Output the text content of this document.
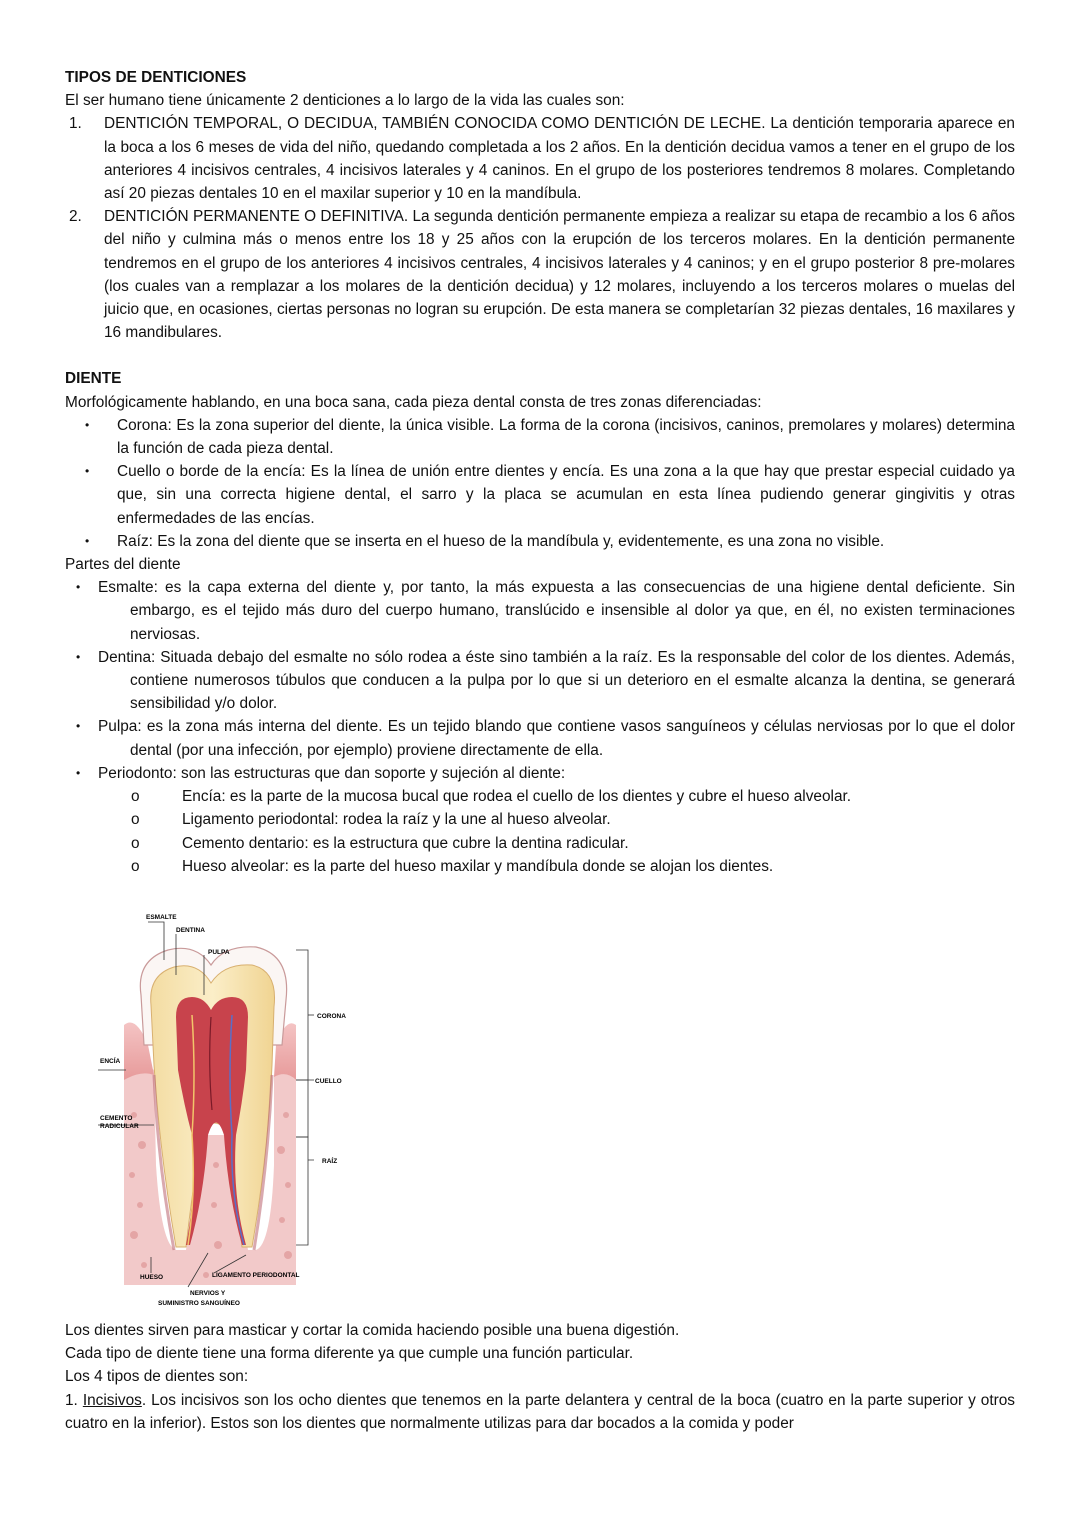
TIPOS DE DENTICIONES
El ser humano tiene únicamente 2 denticiones a lo largo de la vida las cuales son:
1. DENTICIÓN TEMPORAL, O DECIDUA, TAMBIÉN CONOCIDA COMO DENTICIÓN DE LECHE. La dentición temporaria aparece en la boca a los 6 meses de vida del niño, quedando completada a los 2 años. En la dentición decidua vamos a tener en el grupo de los anteriores 4 incisivos centrales, 4 incisivos laterales y 4 caninos. En el grupo de los posteriores tendremos 8 molares. Completando así 20 piezas dentales 10 en el maxilar superior y 10 en la mandíbula.
2. DENTICIÓN PERMANENTE O DEFINITIVA. La segunda dentición permanente empieza a realizar su etapa de recambio a los 6 años del niño y culmina más o menos entre los 18 y 25 años con la erupción de los terceros molares. En la dentición permanente tendremos en el grupo de los anteriores 4 incisivos centrales, 4 incisivos laterales y 4 caninos; y en el grupo posterior 8 pre-molares (los cuales van a remplazar a los molares de la dentición decidua) y 12 molares, incluyendo a los terceros molares o muelas del juicio que, en ocasiones, ciertas personas no logran su erupción. De esta manera se completarían 32 piezas dentales, 16 maxilares y 16 mandibulares.
DIENTE
Morfológicamente hablando, en una boca sana, cada pieza dental consta de tres zonas diferenciadas:
• Corona: Es la zona superior del diente, la única visible. La forma de la corona (incisivos, caninos, premolares y molares) determina la función de cada pieza dental.
• Cuello o borde de la encía: Es la línea de unión entre dientes y encía. Es una zona a la que hay que prestar especial cuidado ya que, sin una correcta higiene dental, el sarro y la placa se acumulan en esta línea pudiendo generar gingivitis y otras enfermedades de las encías.
• Raíz: Es la zona del diente que se inserta en el hueso de la mandíbula y, evidentemente, es una zona no visible.
Partes del diente
• Esmalte: es la capa externa del diente y, por tanto, la más expuesta a las consecuencias de una higiene dental deficiente. Sin embargo, es el tejido más duro del cuerpo humano, translúcido e insensible al dolor ya que, en él, no existen terminaciones nerviosas.
• Dentina: Situada debajo del esmalte no sólo rodea a éste sino también a la raíz. Es la responsable del color de los dientes. Además, contiene numerosos túbulos que conducen a la pulpa por lo que si un deterioro en el esmalte alcanza la dentina, se generará sensibilidad y/o dolor.
• Pulpa: es la zona más interna del diente. Es un tejido blando que contiene vasos sanguíneos y células nerviosas por lo que el dolor dental (por una infección, por ejemplo) proviene directamente de ella.
• Periodonto: son las estructuras que dan soporte y sujeción al diente:
o	Encía: es la parte de la mucosa bucal que rodea el cuello de los dientes y cubre el hueso alveolar.
o	Ligamento periodontal: rodea la raíz y la une al hueso alveolar.
o	Cemento dentario: es la estructura que cubre la dentina radicular.
o	Hueso alveolar: es la parte del hueso maxilar y mandíbula donde se alojan los dientes.
ESMALTE
DENTINA
PULPA
CORONA
ENCÍA
CUELLO
CEMENTO
RADICULAR
RAÍZ
HUESO	LIGAMENTO PERIODONTAL
NERVIOS Y
SUMINISTRO SANGUÍNEO
Los dientes sirven para masticar y cortar la comida haciendo posible una buena digestión.
Cada tipo de diente tiene una forma diferente ya que cumple una función particular.
Los 4 tipos de dientes son:
1. Incisivos. Los incisivos son los ocho dientes que tenemos en la parte delantera y central de la boca (cuatro en la parte superior y otros cuatro en la inferior). Estos son los dientes que normalmente utilizas para dar bocados a la comida y poder
